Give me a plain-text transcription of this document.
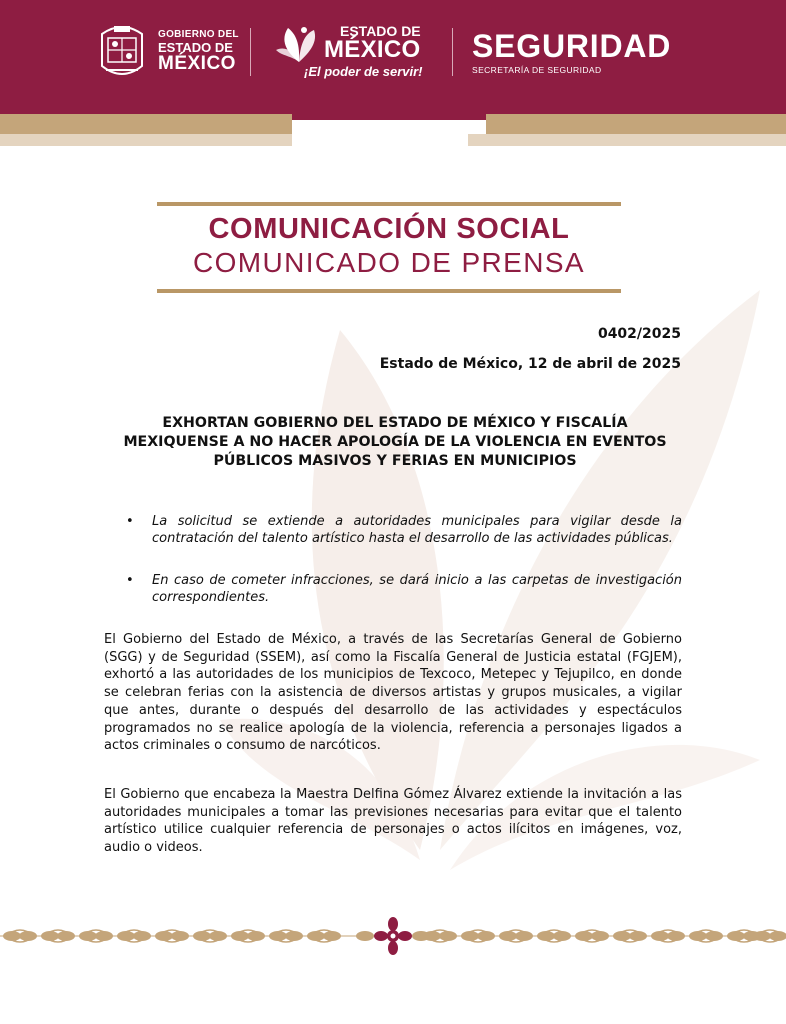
GOBIERNO DEL
ESTADO DE
MÉXICO
ESTADO DE
MÉXICO
¡El poder de servir!
SEGURIDAD
SECRETARÍA DE SEGURIDAD
COMUNICACIÓN SOCIAL
COMUNICADO DE PRENSA
0402/2025
Estado de México, 12 de abril de 2025
EXHORTAN GOBIERNO DEL ESTADO DE MÉXICO Y FISCALÍA MEXIQUENSE A NO HACER APOLOGÍA DE LA VIOLENCIA EN EVENTOS PÚBLICOS MASIVOS Y FERIAS EN MUNICIPIOS
• La solicitud se extiende a autoridades municipales para vigilar desde la contratación del talento artístico hasta el desarrollo de las actividades públicas.
• En caso de cometer infracciones, se dará inicio a las carpetas de investigación correspondientes.

El Gobierno del Estado de México, a través de las Secretarías General de Gobierno (SGG) y de Seguridad (SSEM), así como la Fiscalía General de Justicia estatal (FGJEM), exhortó a las autoridades de los municipios de Texcoco, Metepec y Tejupilco, en donde se celebran ferias con la asistencia de diversos artistas y grupos musicales, a vigilar que antes, durante o después del desarrollo de las actividades y espectáculos programados no se realice apología de la violencia, referencia a personajes ligados a actos criminales o consumo de narcóticos.

El Gobierno que encabeza la Maestra Delfina Gómez Álvarez extiende la invitación a las autoridades municipales a tomar las previsiones necesarias para evitar que el talento artístico utilice cualquier referencia de personajes o actos ilícitos en imágenes, voz, audio o videos.
